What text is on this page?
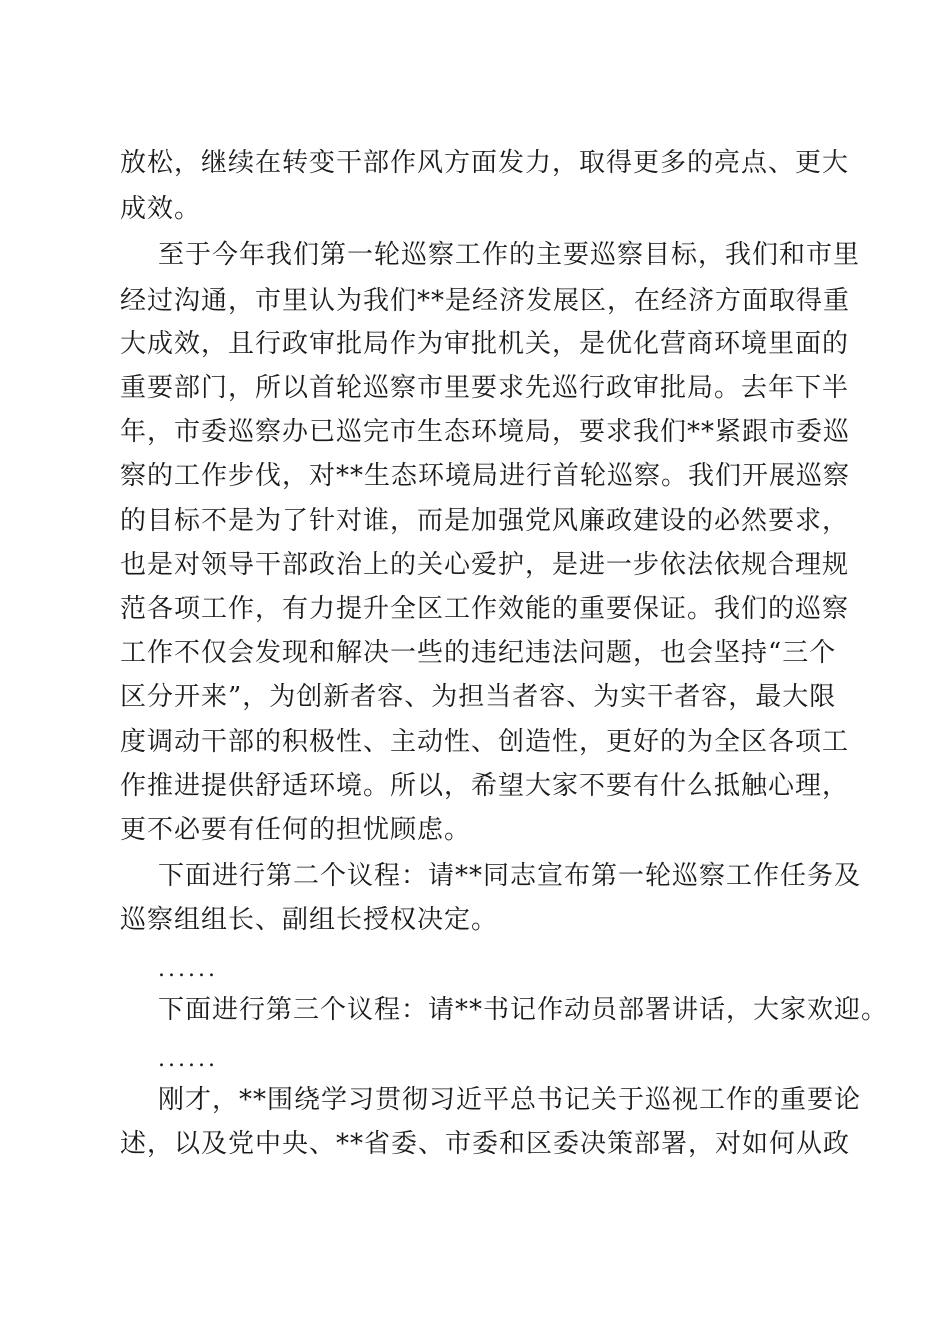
放松，继续在转变干部作风方面发力，取得更多的亮点、更大
成效。
至于今年我们第一轮巡察工作的主要巡察目标，我们和市里
经过沟通，市里认为我们**是经济发展区，在经济方面取得重
大成效，且行政审批局作为审批机关，是优化营商环境里面的
重要部门，所以首轮巡察市里要求先巡行政审批局。去年下半
年，市委巡察办已巡完市生态环境局，要求我们**紧跟市委巡
察的工作步伐，对**生态环境局进行首轮巡察。我们开展巡察
的目标不是为了针对谁，而是加强党风廉政建设的必然要求，
也是对领导干部政治上的关心爱护，是进一步依法依规合理规
范各项工作，有力提升全区工作效能的重要保证。我们的巡察
工作不仅会发现和解决一些的违纪违法问题，也会坚持“三个
区分开来”，为创新者容、为担当者容、为实干者容，最大限
度调动干部的积极性、主动性、创造性，更好的为全区各项工
作推进提供舒适环境。所以，希望大家不要有什么抵触心理，
更不必要有任何的担忧顾虑。
下面进行第二个议程：请**同志宣布第一轮巡察工作任务及
巡察组组长、副组长授权决定。
......
下面进行第三个议程：请**书记作动员部署讲话，大家欢迎。
......
刚才，**围绕学习贯彻习近平总书记关于巡视工作的重要论
述，以及党中央、**省委、市委和区委决策部署，对如何从政
